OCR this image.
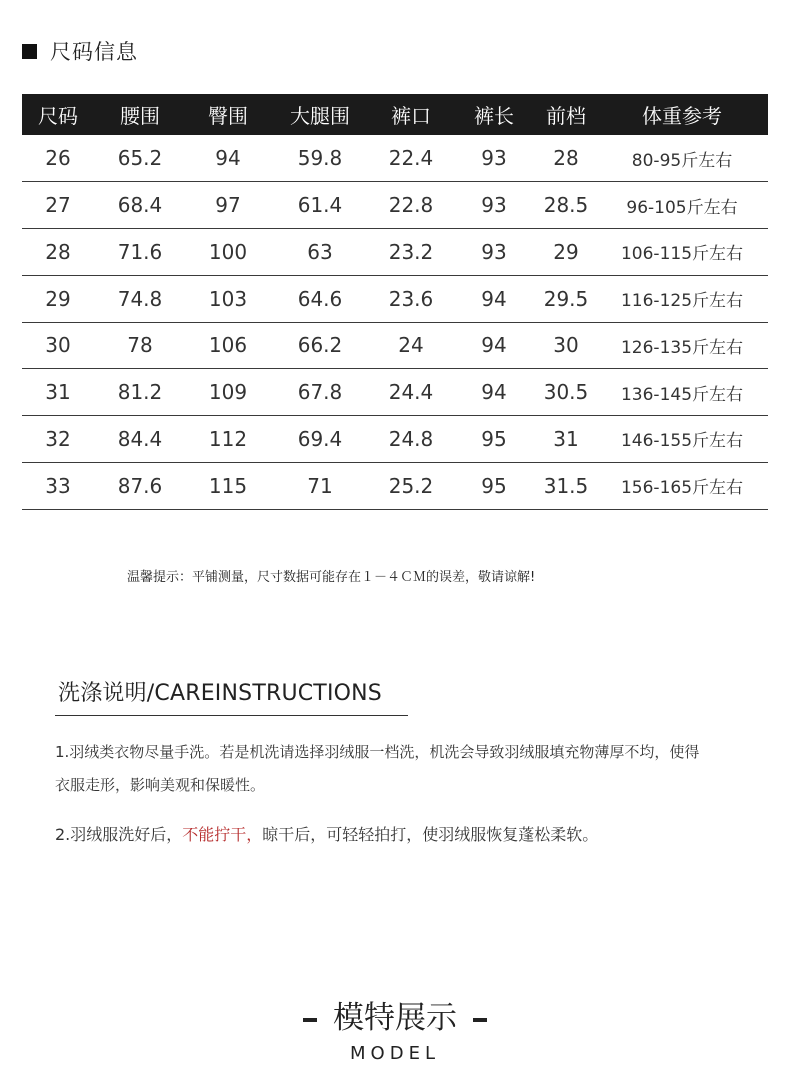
尺码信息
尺码	腰围	臀围	大腿围	裤口	裤长	前档	体重参考
26	65.2	94	59.8	22.4	93	28	80-95斤左右
27	68.4	97	61.4	22.8	93	28.5	96-105斤左右
28	71.6	100	63	23.2	93	29	106-115斤左右
29	74.8	103	64.6	23.6	94	29.5	116-125斤左右
30	78	106	66.2	24	94	30	126-135斤左右
31	81.2	109	67.8	24.4	94	30.5	136-145斤左右
32	84.4	112	69.4	24.8	95	31	146-155斤左右
33	87.6	115	71	25.2	95	31.5	156-165斤左右
温馨提示：平铺测量，尺寸数据可能存在１－４ＣＭ的误差，敬请谅解!
洗涤说明/CAREINSTRUCTIONS
1.羽绒类衣物尽量手洗。若是机洗请选择羽绒服一档洗，机洗会导致羽绒服填充物薄厚不均，使得
衣服走形，影响美观和保暖性。
2.羽绒服洗好后，不能拧干，晾干后，可轻轻拍打，使羽绒服恢复蓬松柔软。
模特展示
MODEL
